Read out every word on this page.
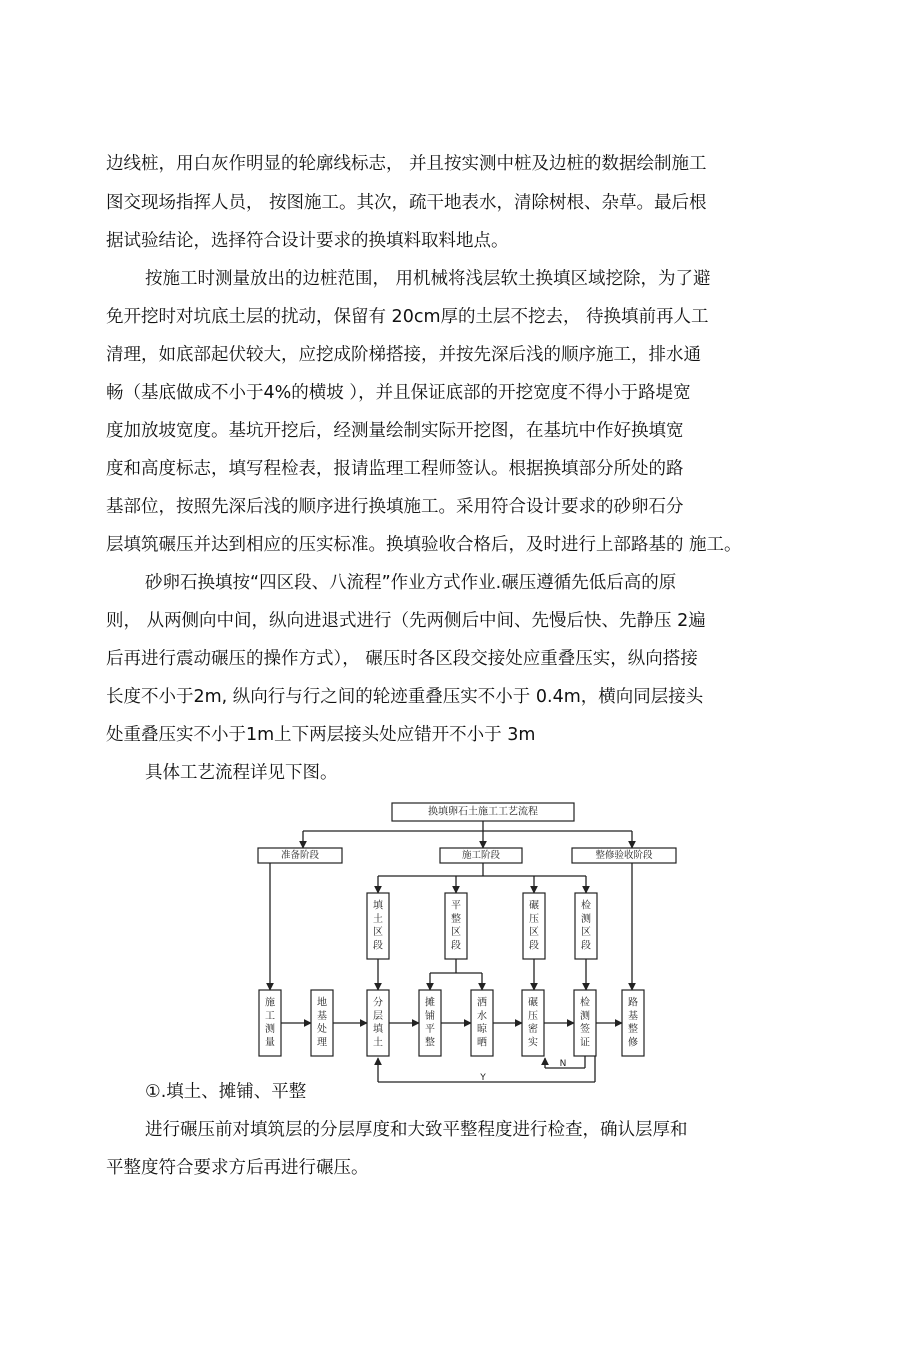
边线桩，用白灰作明显的轮廓线标志， 并且按实测中桩及边桩的数据绘制施工
图交现场指挥人员， 按图施工。其次，疏干地表水，清除树根、杂草。最后根
据试验结论，选择符合设计要求的换填料取料地点。
按施工时测量放出的边桩范围， 用机械将浅层软土换填区域挖除，为了避
免开挖时对坑底土层的扰动，保留有 20cm厚的土层不挖去， 待换填前再人工
清理，如底部起伏较大，应挖成阶梯搭接，并按先深后浅的顺序施工，排水通
畅（基底做成不小于4%的横坡 ），并且保证底部的开挖宽度不得小于路堤宽
度加放坡宽度。基坑开挖后，经测量绘制实际开挖图，在基坑中作好换填宽
度和高度标志，填写程检表，报请监理工程师签认。根据换填部分所处的路
基部位，按照先深后浅的顺序进行换填施工。采用符合设计要求的砂卵石分
层填筑碾压并达到相应的压实标准。换填验收合格后，及时进行上部路基的 施工。
砂卵石换填按“四区段、八流程”作业方式作业.碾压遵循先低后高的原
则， 从两侧向中间，纵向进退式进行（先两侧后中间、先慢后快、先静压 2遍
后再进行震动碾压的操作方式）， 碾压时各区段交接处应重叠压实，纵向搭接
长度不小于2m, 纵向行与行之间的轮迹重叠压实不小于 0.4m，横向同层接头
处重叠压实不小于1m上下两层接头处应错开不小于 3m
具体工艺流程详见下图。
①.填土、摊铺、平整
进行碾压前对填筑层的分层厚度和大致平整程度进行检查，确认层厚和
平整度符合要求方后再进行碾压。
换填卵石土施工工艺流程
准备阶段	施工阶段	整修验收阶段
填
土
区
段
平
整
区
段
碾
压
区
段
检
测
区
段
施
工
测
量
地
基
处
理
分
层
填
土
摊
铺
平
整
洒
水
晾
晒
碾
压
密
实
检
测
签
证
路
基
整
修
N
Y
